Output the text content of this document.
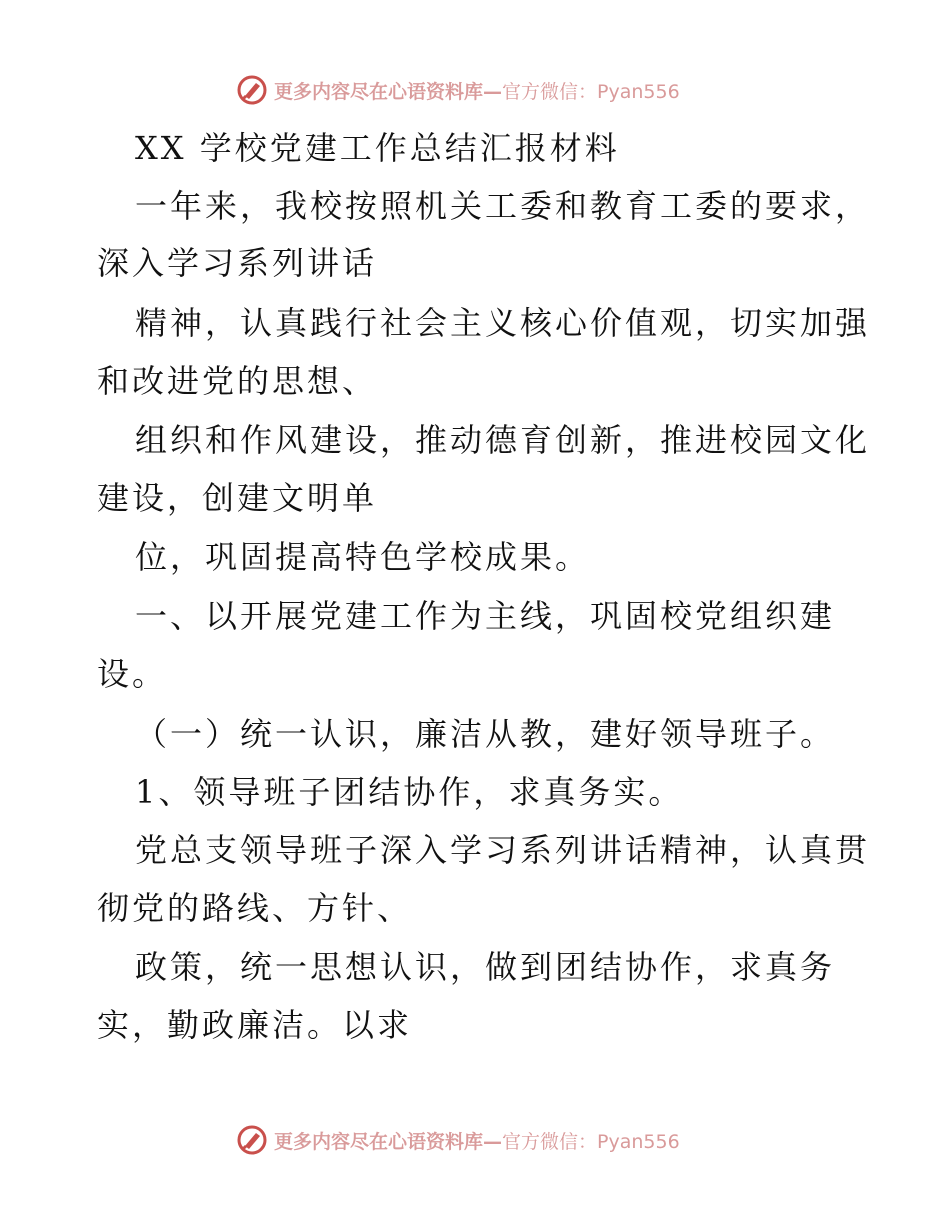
更多内容尽在心语资料库— 官方微信：Pyan556
XX 学校党建工作总结汇报材料
一年来，我校按照机关工委和教育工委的要求，
深入学习系列讲话
精神，认真践行社会主义核心价值观，切实加强
和改进党的思想、
组织和作风建设，推动德育创新，推进校园文化
建设，创建文明单
位，巩固提高特色学校成果。
一、以开展党建工作为主线，巩固校党组织建
设。
（一）统一认识，廉洁从教，建好领导班子。
1、领导班子团结协作，求真务实。
党总支领导班子深入学习系列讲话精神，认真贯
彻党的路线、方针、
政策，统一思想认识，做到团结协作，求真务
实，勤政廉洁。以求
更多内容尽在心语资料库— 官方微信：Pyan556
